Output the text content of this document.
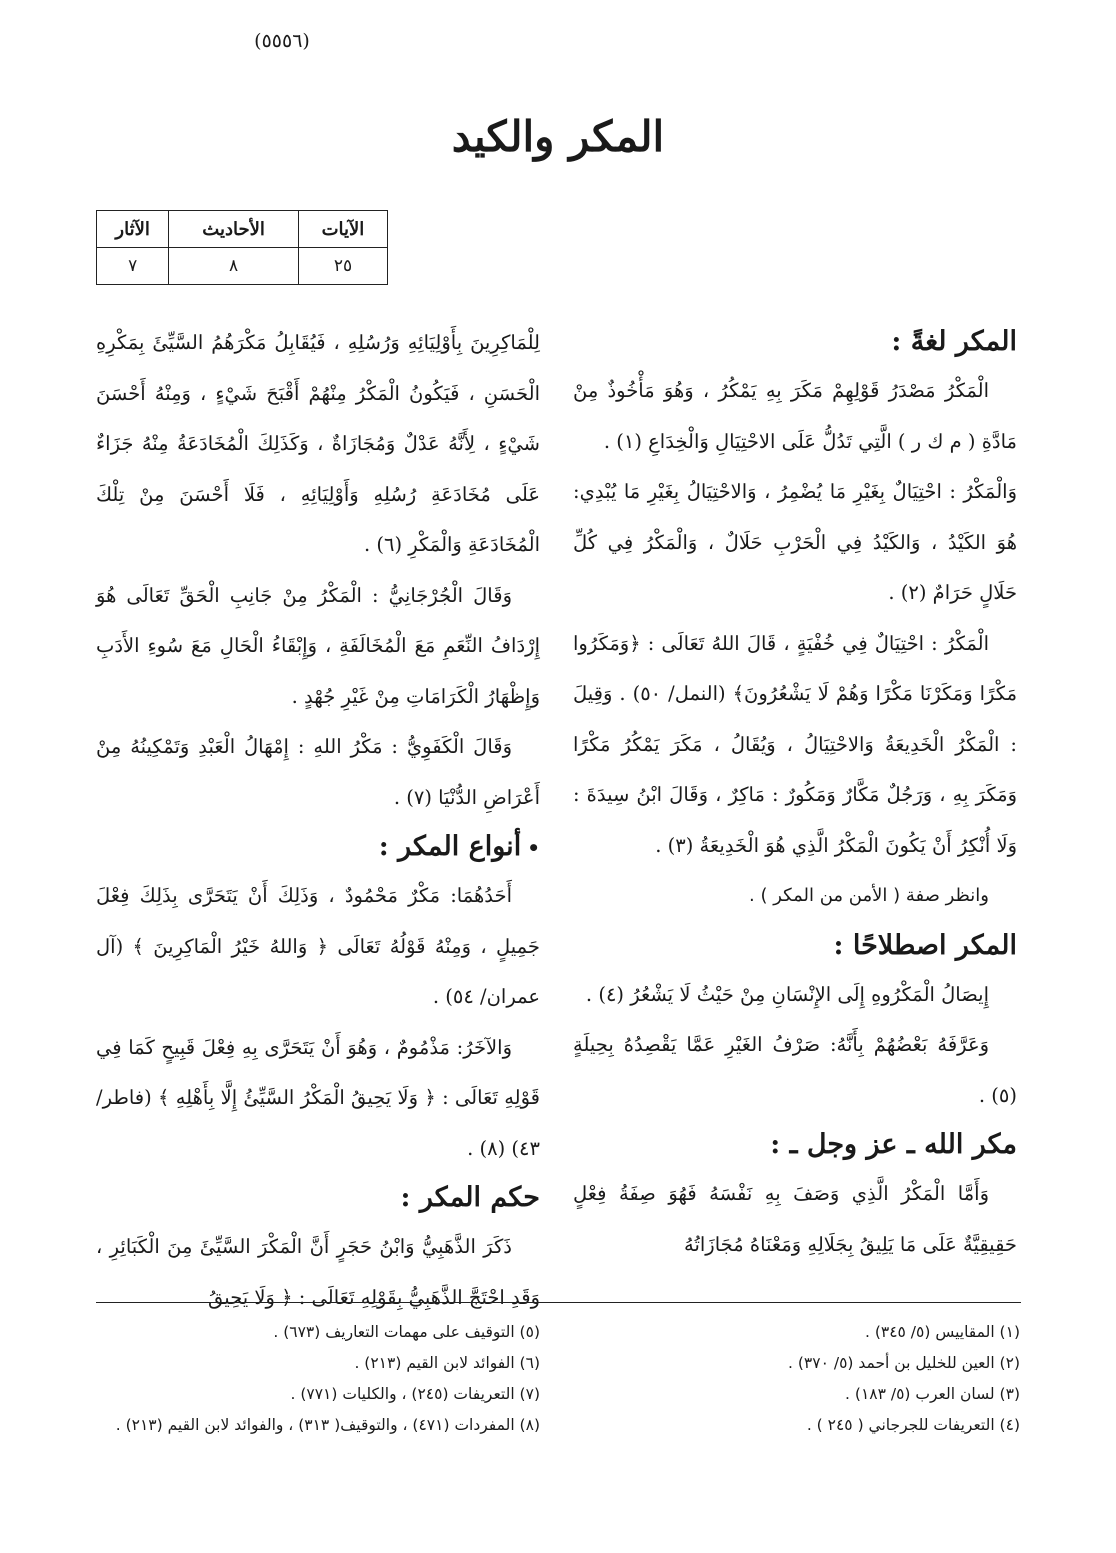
(٥٥٥٦)
المكر والكيد
الآيات	الأحاديث	الآثار
٢٥	٨	٧
المكر لغةً :
الْمَكْرُ مَصْدَرُ قَوْلِهِمْ مَكَرَ بِهِ يَمْكُرُ ، وَهُوَ مَأْخُوذٌ مِنْ مَادَّةِ ( م ك ر ) الَّتِي تَدُلُّ عَلَى الاحْتِيَالِ وَالْخِدَاعِ (١) .
وَالْمَكْرُ : احْتِيَالٌ بِغَيْرِ مَا يُضْمِرُ ، وَالاحْتِيَالُ بِغَيْرِ مَا يُبْدِي: هُوَ الكَيْدُ ، وَالكَيْدُ فِي الْحَرْبِ حَلَالٌ ، وَالْمَكْرُ فِي كُلِّ حَلَالٍ حَرَامٌ (٢) .
الْمَكْرُ : احْتِيَالٌ فِي خُفْيَةٍ ، قَالَ اللهُ تَعَالَى : ﴿وَمَكَرُوا مَكْرًا وَمَكَرْنَا مَكْرًا وَهُمْ لَا يَشْعُرُونَ﴾ (النمل/ ٥٠) . وَقِيلَ : الْمَكْرُ الْخَدِيعَةُ وَالاحْتِيَالُ ، وَيُقَالُ ، مَكَرَ يَمْكُرُ مَكْرًا وَمَكَرَ بِهِ ، وَرَجُلٌ مَكَّارٌ وَمَكُورٌ : مَاكِرٌ ، وَقَالَ ابْنُ سِيدَةَ : وَلَا أُنْكِرُ أَنْ يَكُونَ الْمَكْرُ الَّذِي هُوَ الْخَدِيعَةُ (٣) .
وانظر صفة ( الأمن من المكر ) .
المكر اصطلاحًا :
إِيصَالُ الْمَكْرُوهِ إِلَى الإِنْسَانِ مِنْ حَيْثُ لَا يَشْعُرُ (٤) .
وَعَرَّفَهُ بَعْضُهُمْ بِأَنَّهُ: صَرْفُ الغَيْرِ عَمَّا يَقْصِدُهُ بِحِيلَةٍ (٥) .
مكر الله ـ عز وجل ـ :
وَأَمَّا الْمَكْرُ الَّذِي وَصَفَ بِهِ نَفْسَهُ فَهُوَ صِفَةُ فِعْلٍ حَقِيقِيَّةٌ عَلَى مَا يَلِيقُ بِجَلَالِهِ وَمَعْنَاهُ مُجَازَاتُهُ
لِلْمَاكِرِينَ بِأَوْلِيَائِهِ وَرُسُلِهِ ، فَيُقَابِلُ مَكْرَهُمُ السَّيِّئَ بِمَكْرِهِ الْحَسَنِ ، فَيَكُونُ الْمَكْرُ مِنْهُمْ أَقْبَحَ شَيْءٍ ، وَمِنْهُ أَحْسَنَ شَيْءٍ ، لِأَنَّهُ عَدْلٌ وَمُجَازَاةٌ ، وَكَذَلِكَ الْمُخَادَعَةُ مِنْهُ جَزَاءٌ عَلَى مُخَادَعَةِ رُسُلِهِ وَأَوْلِيَائِهِ ، فَلَا أَحْسَنَ مِنْ تِلْكَ الْمُخَادَعَةِ وَالْمَكْرِ (٦) .
وَقَالَ الْجُرْجَانِيُّ : الْمَكْرُ مِنْ جَانِبِ الْحَقِّ تَعَالَى هُوَ إِرْدَافُ النِّعَمِ مَعَ الْمُخَالَفَةِ ، وَإِبْقَاءُ الْحَالِ مَعَ سُوءِ الأَدَبِ وَإِظْهَارُ الْكَرَامَاتِ مِنْ غَيْرِ جُهْدٍ .
وَقَالَ الْكَفَوِيُّ : مَكْرُ اللهِ : إِمْهَالُ الْعَبْدِ وَتَمْكِينُهُ مِنْ أَعْرَاضِ الدُّنْيَا (٧) .
•أنواع المكر :
أَحَدُهُمَا: مَكْرٌ مَحْمُودٌ ، وَذَلِكَ أَنْ يَتَحَرَّى بِذَلِكَ فِعْلَ جَمِيلٍ ، وَمِنْهُ قَوْلُهُ تَعَالَى ﴿ وَاللهُ خَيْرُ الْمَاكِرِينَ ﴾ (آل عمران/ ٥٤) .
وَالآخَرُ: مَذْمُومٌ ، وَهُوَ أَنْ يَتَحَرَّى بِهِ فِعْلَ قَبِيحٍ كَمَا فِي قَوْلِهِ تَعَالَى : ﴿ وَلَا يَحِيقُ الْمَكْرُ السَّيِّئُ إِلَّا بِأَهْلِهِ ﴾ (فاطر/ ٤٣) (٨) .
حكم المكر :
ذَكَرَ الذَّهَبِيُّ وَابْنُ حَجَرٍ أَنَّ الْمَكْرَ السَّيِّئَ مِنَ الْكَبَائِرِ ، وَقَدِ احْتَجَّ الذَّهَبِيُّ بِقَوْلِهِ تَعَالَى : ﴿ وَلَا يَحِيقُ
(١) المقاييس (٥/ ٣٤٥) .
(٢) العين للخليل بن أحمد (٥/ ٣٧٠) .
(٣) لسان العرب (٥/ ١٨٣) .
(٤) التعريفات للجرجاني ( ٢٤٥ ) .
(٥) التوقيف على مهمات التعاريف (٦٧٣) .
(٦) الفوائد لابن القيم (٢١٣) .
(٧) التعريفات (٢٤٥) ، والكليات (٧٧١) .
(٨) المفردات (٤٧١) ، والتوقيف( ٣١٣) ، والفوائد لابن القيم (٢١٣) .
